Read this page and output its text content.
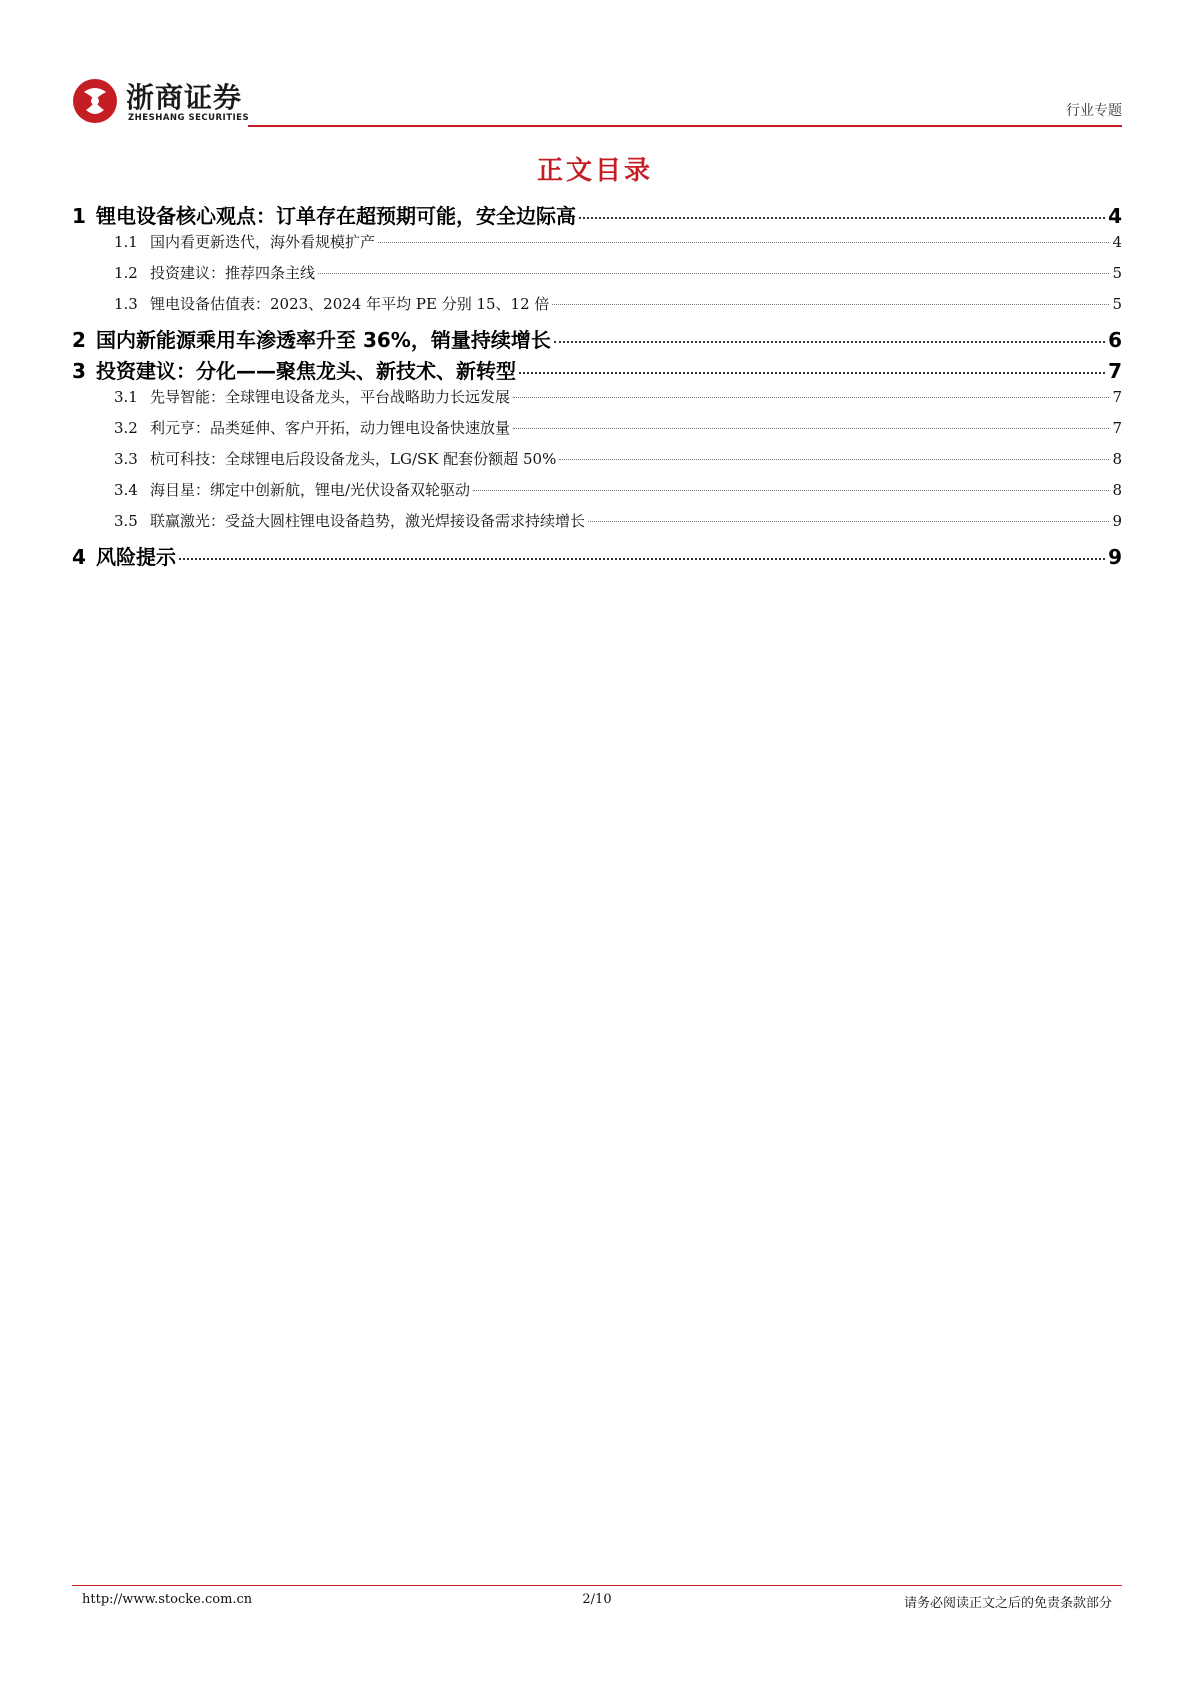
浙商证券
ZHESHANG SECURITIES	行业专题
正文目录
1 锂电设备核心观点：订单存在超预期可能，安全边际高	4
1.1 国内看更新迭代，海外看规模扩产	4
1.2 投资建议：推荐四条主线	5
1.3 锂电设备估值表：2023、2024 年平均 PE 分别 15、12 倍	5
2 国内新能源乘用车渗透率升至 36%，销量持续增长	6
3 投资建议：分化——聚焦龙头、新技术、新转型	7
3.1 先导智能：全球锂电设备龙头，平台战略助力长远发展	7
3.2 利元亨：品类延伸、客户开拓，动力锂电设备快速放量	7
3.3 杭可科技：全球锂电后段设备龙头，LG/SK 配套份额超 50%	8
3.4 海目星：绑定中创新航，锂电/光伏设备双轮驱动	8
3.5 联赢激光：受益大圆柱锂电设备趋势，激光焊接设备需求持续增长	9
4 风险提示	9
http://www.stocke.com.cn	2/10	请务必阅读正文之后的免责条款部分
